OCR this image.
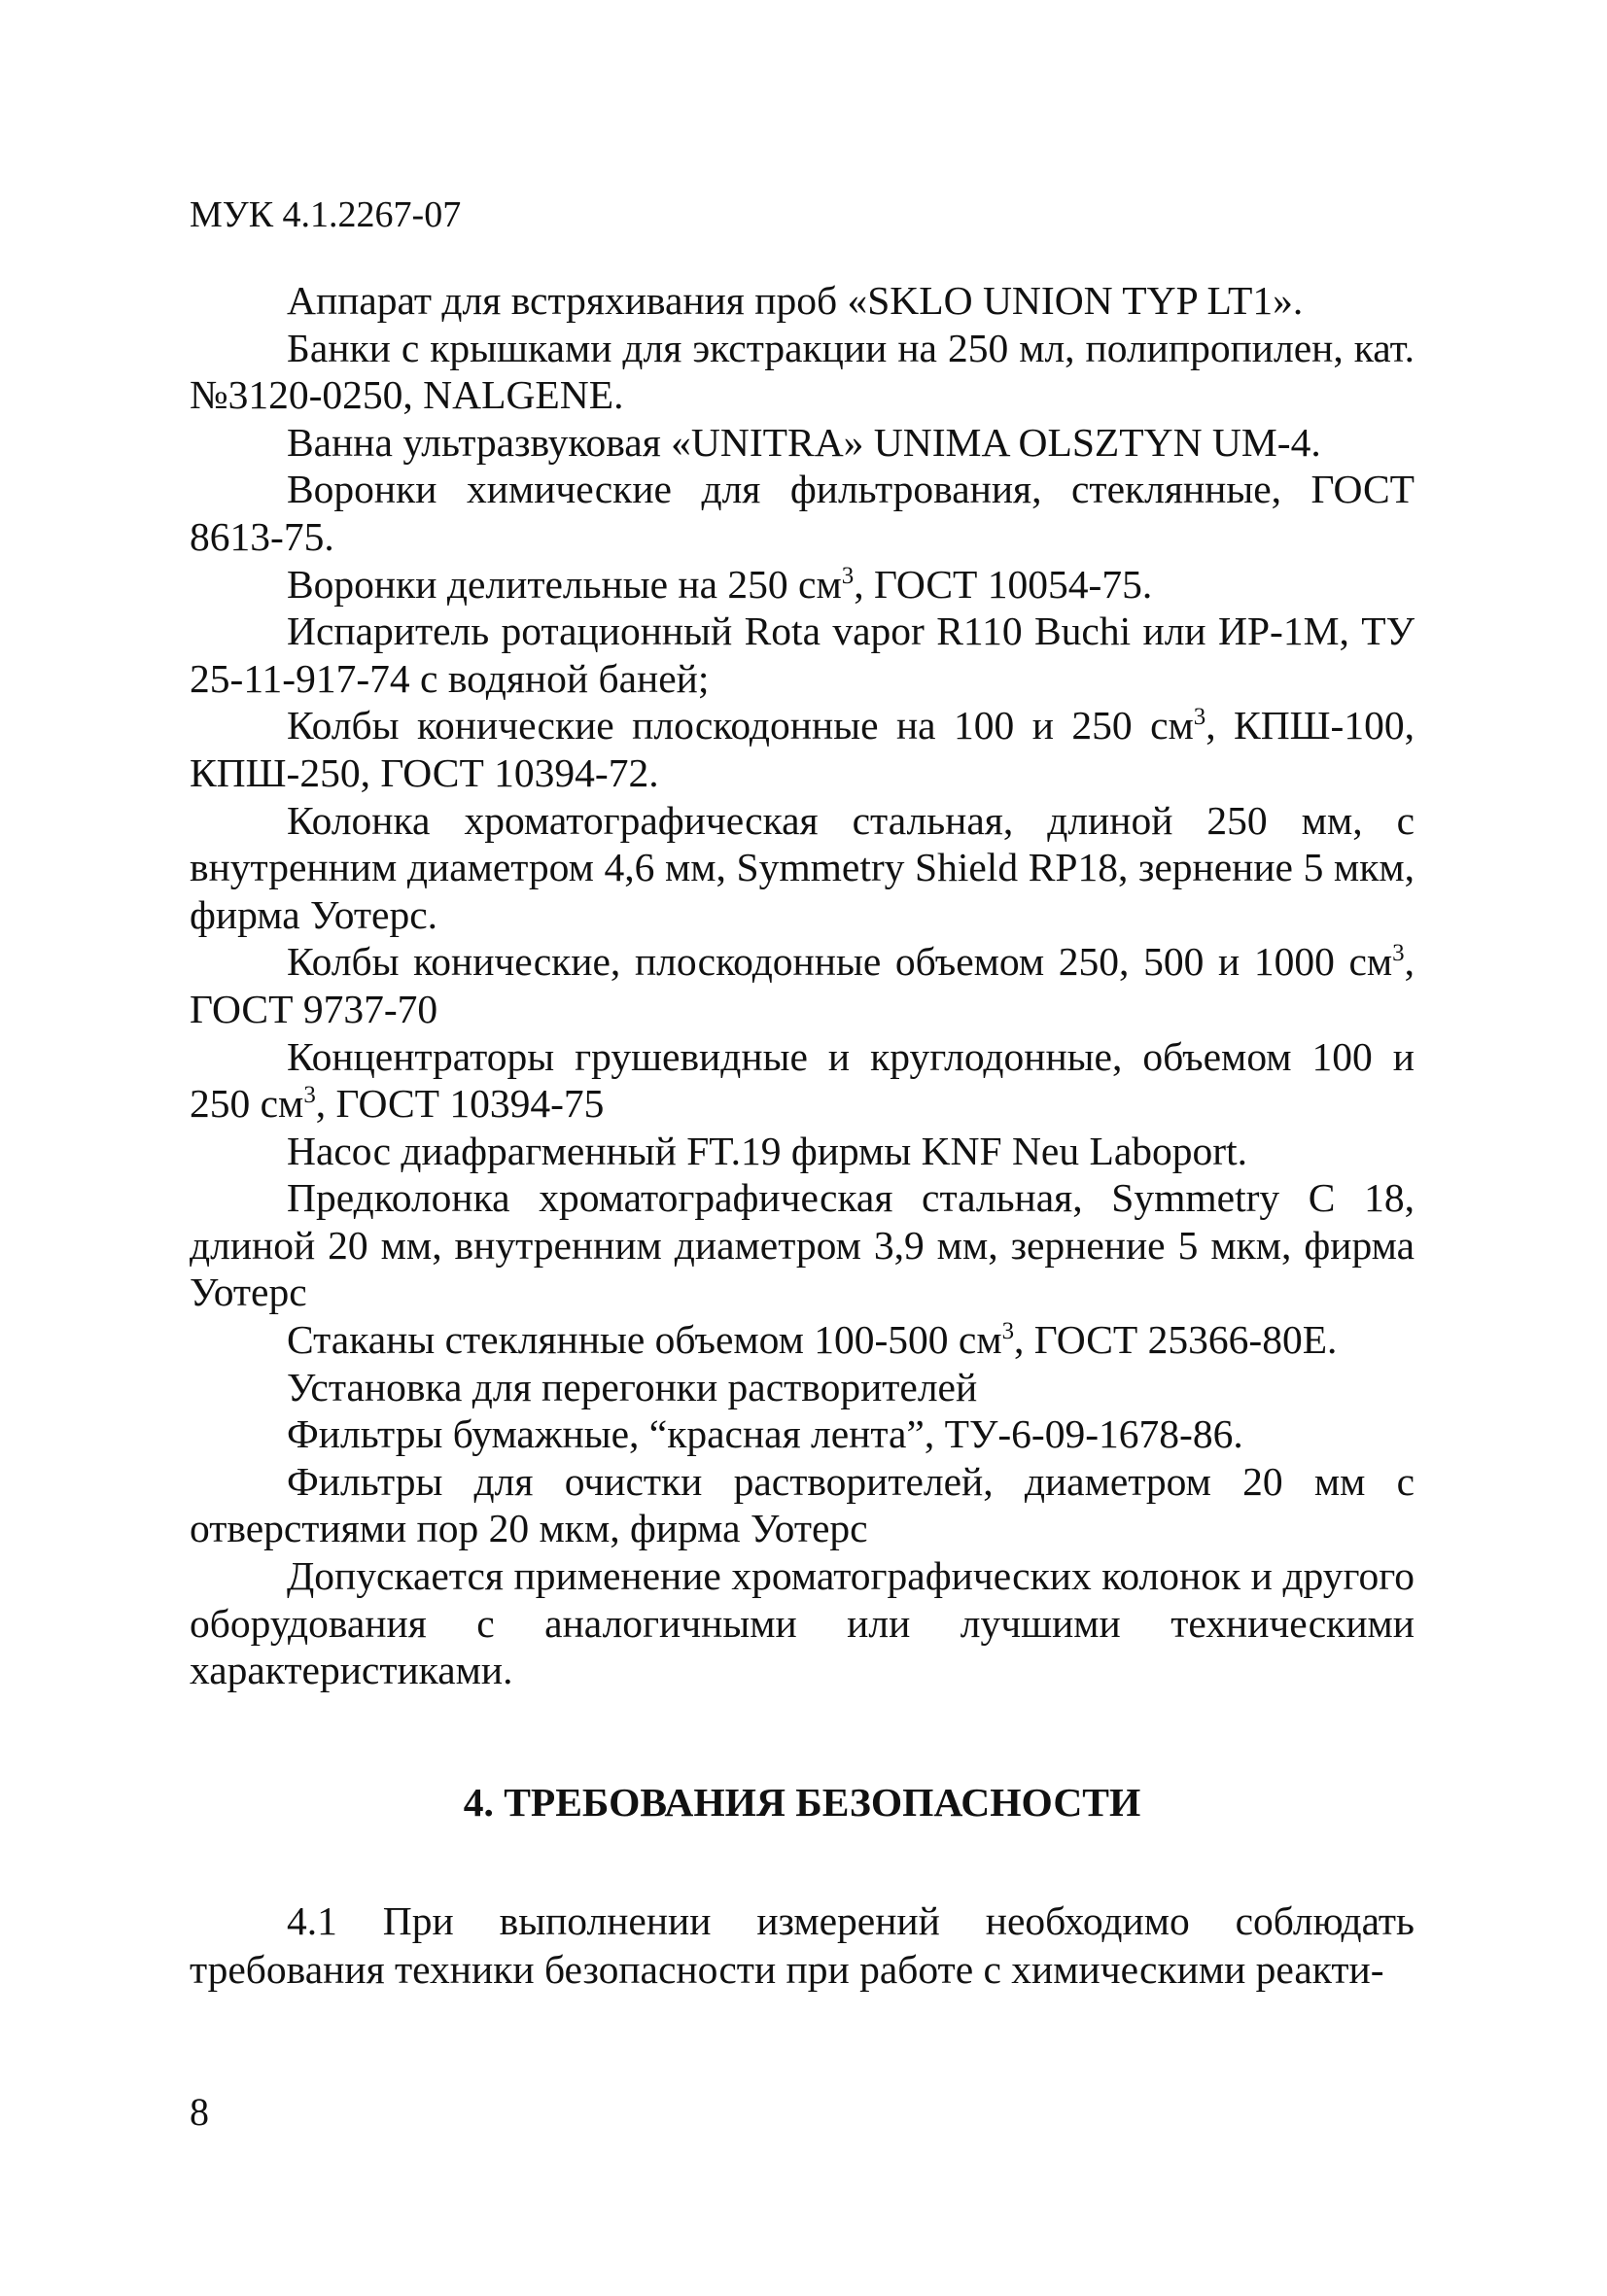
МУК 4.1.2267-07

Аппарат для встряхивания проб «SKLO UNION TYP LT1».

Банки с крышками для экстракции на 250 мл, полипропилен, кат.№3120-0250, NALGENE.

Ванна ультразвуковая «UNITRA» UNIMA OLSZTYN UM-4.

Воронки химические для фильтрования, стеклянные, ГОСТ 8613-75.

Воронки делительные на 250 $см^3$, ГОСТ 10054-75.

Испаритель ротационный Rota vapor R110 Buchi или ИР-1М, ТУ 25-11-917-74 с водяной баней;

Колбы конические плоскодонные на 100 и 250 $см^3$, КПШ-100, КПШ-250, ГОСТ 10394-72.

Колонка хроматографическая стальная, длиной 250 мм, с внутренним диаметром 4,6 мм, Symmetry Shield RP18, зернение 5 мкм, фирма Уотерс.

Колбы конические, плоскодонные объемом 250, 500 и 1000 $см^3$, ГОСТ 9737-70

Концентраторы грушевидные и круглодонные, объемом 100 и 250 $см^3$, ГОСТ 10394-75

Насос диафрагменный FT.19 фирмы KNF Neu Laboport.

Предколонка хроматографическая стальная, Symmetry C 18, длиной 20 мм, внутренним диаметром 3,9 мм, зернение 5 мкм, фирма Уотерс

Стаканы стеклянные объемом 100-500 $см^3$, ГОСТ 25366-80Е.

Установка для перегонки растворителей

Фильтры бумажные, “красная лента”, ТУ-6-09-1678-86.

Фильтры для очистки растворителей, диаметром 20 мм с отверстиями пор 20 мкм, фирма Уотерс

Допускается применение хроматографических колонок и другого оборудования с аналогичными или лучшими техническими характеристиками.

4. ТРЕБОВАНИЯ БЕЗОПАСНОСТИ

4.1 При выполнении измерений необходимо соблюдать требования техники безопасности при работе с химическими реакти-

8
